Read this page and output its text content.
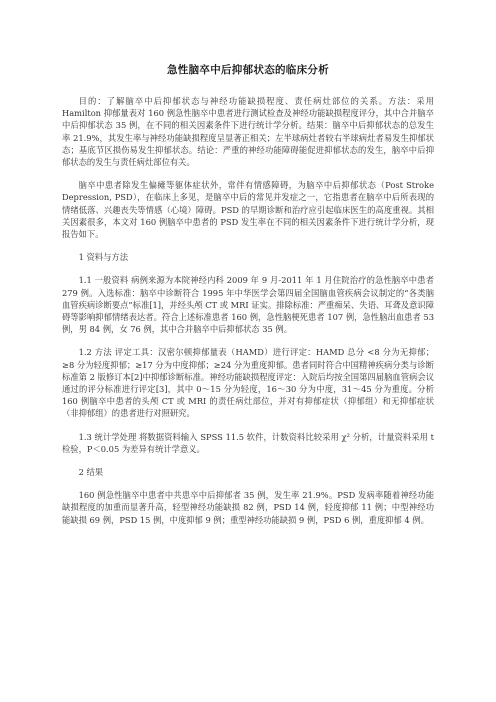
急性脑卒中后抑郁状态的临床分析

目的：了解脑卒中后抑郁状态与神经功能缺损程度、责任病灶部位的关系。方法：采用 Hamilton 抑郁量表对 160 例急性脑卒中患者进行测试检查及神经功能缺损程度评分，其中合并脑卒中后抑郁状态 35 例，在不同的相关因素条件下进行统计学分析。结果：脑卒中后抑郁状态的总发生率 21.9%，其发生率与神经功能缺损程度呈显著正相关；左半球病灶者较右半球病灶者易发生抑郁状态；基底节区损伤易发生抑郁状态。结论：严重的神经功能障碍能促进抑郁状态的发生，脑卒中后抑郁状态的发生与责任病灶部位有关。

脑卒中患者除发生偏瘫等躯体症状外，常伴有情感障碍，为脑卒中后抑郁状态（Post Stroke Depression, PSD），在临床上多见，是脑卒中后的常见并发症之一，它指患者在脑卒中后所表现的情绪低落、兴趣丧失等情感（心境）障碍。PSD 的早期诊断和治疗应引起临床医生的高度重视。其相关因素很多，本文对 160 例脑卒中患者的 PSD 发生率在不同的相关因素条件下进行统计学分析，现报告如下。

1 资料与方法

1.1 一般资料 病例来源为本院神经内科 2009 年 9 月-2011 年 1 月住院治疗的急性脑卒中患者 279 例。入选标准：脑卒中诊断符合 1995 年中华医学会第四届全国脑血管疾病会议制定的“各类脑血管疾病诊断要点”标准[1]，并经头颅 CT 或 MRI 证实。排除标准：严重痴呆、失语、耳聋及意识障碍等影响抑郁情绪表达者。符合上述标准患者 160 例，急性脑梗死患者 107 例，急性脑出血患者 53 例，男 84 例，女 76 例，其中合并脑卒中后抑郁状态 35 例。

1.2 方法 评定工具：汉密尔顿抑郁量表（HAMD）进行评定：HAMD 总分 <8 分为无抑郁；≥8 分为轻度抑郁；≥17 分为中度抑郁；≥24 分为重度抑郁。患者同时符合中国精神疾病分类与诊断标准第 2 版修订本[2]中抑郁诊断标准。神经功能缺损程度评定：入院后均按全国第四届脑血管病会议通过的评分标准进行评定[3]，其中 0～15 分为轻度，16～30 分为中度，31～45 分为重度。分析 160 例脑卒中患者的头颅 CT 或 MRI 的责任病灶部位，并对有抑郁症状（抑郁组）和无抑郁症状（非抑郁组）的患者进行对照研究。

1.3 统计学处理 将数据资料输入 SPSS 11.5 软件，计数资料比较采用 χ² 分析，计量资料采用 t 检验，P＜0.05 为差异有统计学意义。

2 结果

160 例急性脑卒中患者中共患卒中后抑郁者 35 例，发生率 21.9%。PSD 发病率随着神经功能缺损程度的加重而显著升高，轻型神经功能缺损 82 例，PSD 14 例，轻度抑郁 11 例；中型神经功能缺损 69 例，PSD 15 例，中度抑郁 9 例；重型神经功能缺损 9 例，PSD 6 例，重度抑郁 4 例。
